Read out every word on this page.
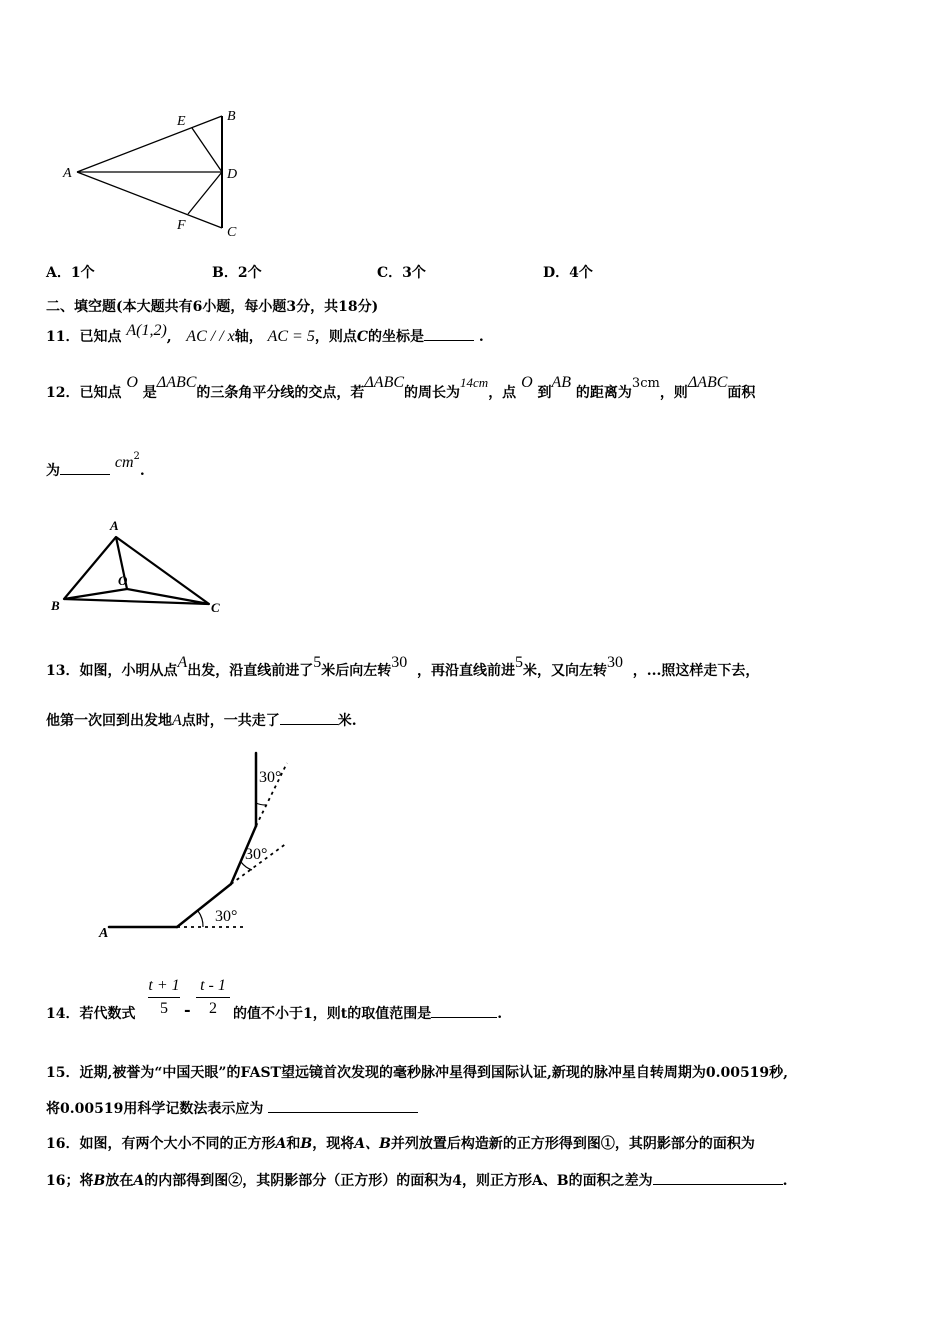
A
E	B
D
F	C
A．1个	B．2个	C．3个	D．4个
二、填空题(本大题共有6小题，每小题3分，共18分)
11．已知点 A(1,2),   AC / / x轴， AC = 5，则点C的坐标是	.
12．已知点 O 是ΔABC的三条角平分线的交点，若ΔABC的周长为14cm，点 O 到AB 的距离为3cm，则ΔABC面积
为	$cm^2$.
A
O
B	C
13．如图，小明从点A出发，沿直线前进了5米后向左转30 ，再沿直线前进5米，又向左转30 ，...照这样走下去，
他第一次回到出发地A点时，一共走了	米.
A
30°
30°
30°
14．若代数式
t + 1
5	-
t - 1
2	的值不小于1，则t的取值范围是	.
15．近期,被誉为“中国天眼”的FAST望远镜首次发现的毫秒脉冲星得到国际认证,新现的脉冲星自转周期为0.00519秒,
将0.00519用科学记数法表示应为
16．如图，有两个大小不同的正方形A和B，现将A、B并列放置后构造新的正方形得到图①，其阴影部分的面积为
16；将B放在A的内部得到图②，其阴影部分（正方形）的面积为4，则正方形A、B的面积之差为	.
